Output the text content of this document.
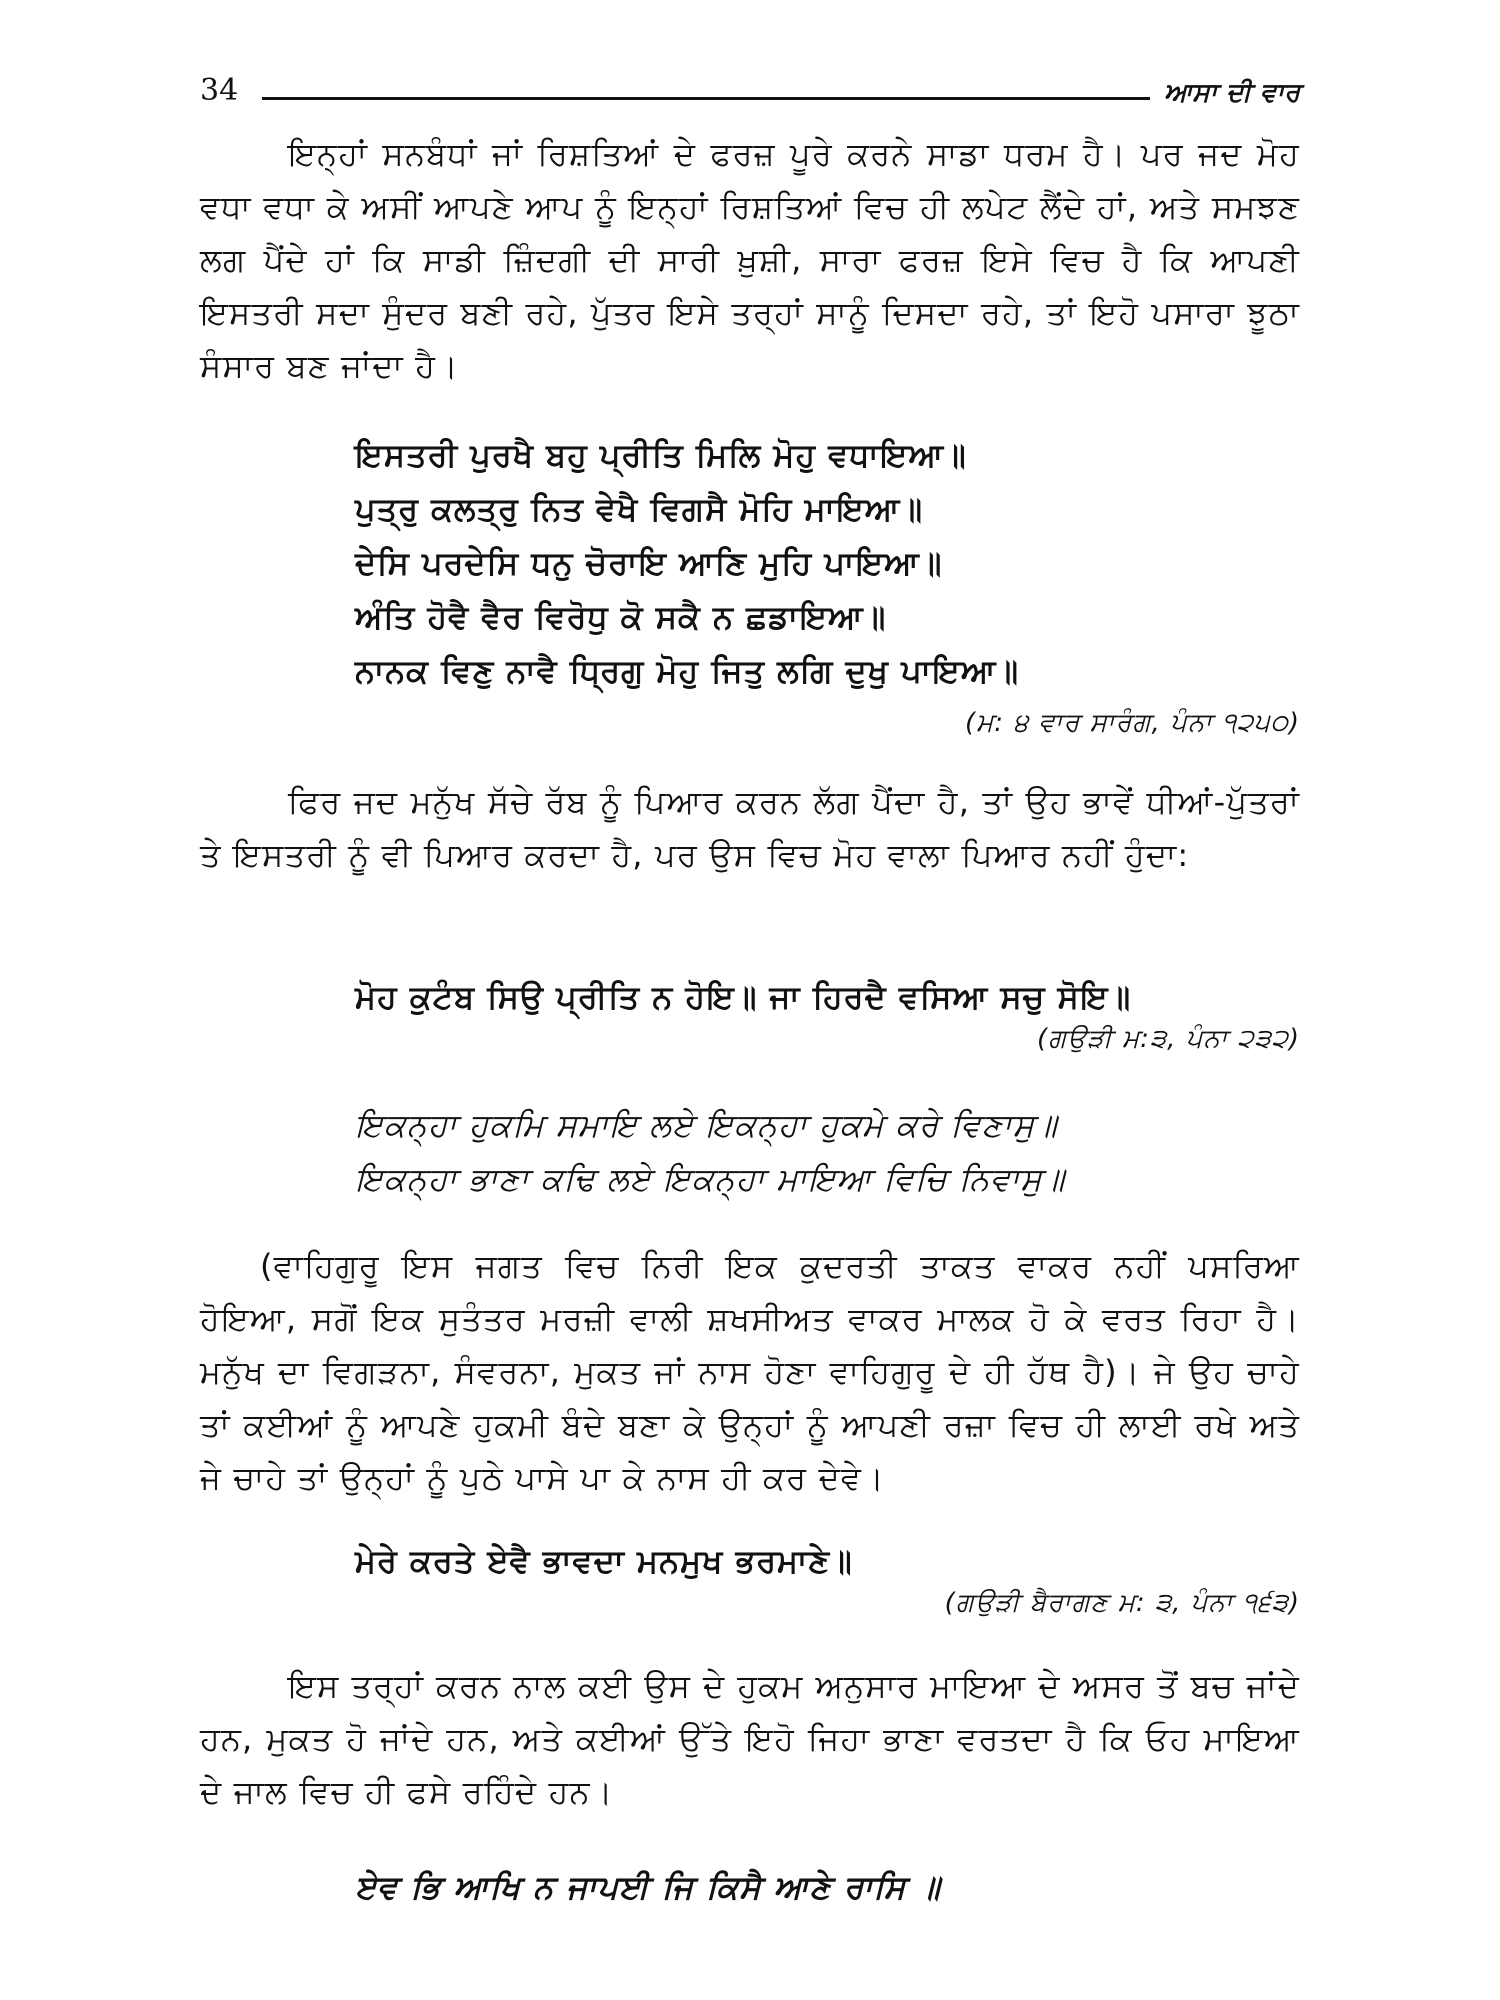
34	ਆਸਾ ਦੀ ਵਾਰ

ਇਨ੍ਹਾਂ ਸਨਬੰਧਾਂ ਜਾਂ ਰਿਸ਼ਤਿਆਂ ਦੇ ਫਰਜ਼ ਪੂਰੇ ਕਰਨੇ ਸਾਡਾ ਧਰਮ ਹੈ। ਪਰ ਜਦ ਮੋਹ ਵਧਾ ਵਧਾ ਕੇ ਅਸੀਂ ਆਪਣੇ ਆਪ ਨੂੰ ਇਨ੍ਹਾਂ ਰਿਸ਼ਤਿਆਂ ਵਿਚ ਹੀ ਲਪੇਟ ਲੈਂਦੇ ਹਾਂ, ਅਤੇ ਸਮਝਣ ਲਗ ਪੈਂਦੇ ਹਾਂ ਕਿ ਸਾਡੀ ਜ਼ਿੰਦਗੀ ਦੀ ਸਾਰੀ ਖ਼ੁਸ਼ੀ, ਸਾਰਾ ਫਰਜ਼ ਇਸੇ ਵਿਚ ਹੈ ਕਿ ਆਪਣੀ ਇਸਤਰੀ ਸਦਾ ਸੁੰਦਰ ਬਣੀ ਰਹੇ, ਪੁੱਤਰ ਇਸੇ ਤਰ੍ਹਾਂ ਸਾਨੂੰ ਦਿਸਦਾ ਰਹੇ, ਤਾਂ ਇਹੋ ਪਸਾਰਾ ਝੂਠਾ ਸੰਸਾਰ ਬਣ ਜਾਂਦਾ ਹੈ।

ਇਸਤਰੀ ਪੁਰਖੈ ਬਹੁ ਪ੍ਰੀਤਿ ਮਿਲਿ ਮੋਹੁ ਵਧਾਇਆ॥
ਪੁਤ੍ਰੁ ਕਲਤ੍ਰੁ ਨਿਤ ਵੇਖੈ ਵਿਗਸੈ ਮੋਹਿ ਮਾਇਆ॥
ਦੇਸਿ ਪਰਦੇਸਿ ਧਨੁ ਚੋਰਾਇ ਆਣਿ ਮੁਹਿ ਪਾਇਆ॥
ਅੰਤਿ ਹੋਵੈ ਵੈਰ ਵਿਰੋਧੁ ਕੋ ਸਕੈ ਨ ਛਡਾਇਆ॥
ਨਾਨਕ ਵਿਣੁ ਨਾਵੈ ਧ੍ਰਿਗੁ ਮੋਹੁ ਜਿਤੁ ਲਗਿ ਦੁਖੁ ਪਾਇਆ॥
(ਮ: ੪ ਵਾਰ ਸਾਰੰਗ, ਪੰਨਾ ੧੨੫੦)

ਫਿਰ ਜਦ ਮਨੁੱਖ ਸੱਚੇ ਰੱਬ ਨੂੰ ਪਿਆਰ ਕਰਨ ਲੱਗ ਪੈਂਦਾ ਹੈ, ਤਾਂ ਉਹ ਭਾਵੇਂ ਧੀਆਂ-ਪੁੱਤਰਾਂ ਤੇ ਇਸਤਰੀ ਨੂੰ ਵੀ ਪਿਆਰ ਕਰਦਾ ਹੈ, ਪਰ ਉਸ ਵਿਚ ਮੋਹ ਵਾਲਾ ਪਿਆਰ ਨਹੀਂ ਹੁੰਦਾ:

ਮੋਹ ਕੁਟੰਬ ਸਿਉ ਪ੍ਰੀਤਿ ਨ ਹੋਇ॥ ਜਾ ਹਿਰਦੈ ਵਸਿਆ ਸਚੁ ਸੋਇ॥
(ਗਉੜੀ ਮ:੩, ਪੰਨਾ ੨੩੨)
ਇਕਨ੍ਹਾ ਹੁਕਮਿ ਸਮਾਇ ਲਏ ਇਕਨ੍ਹਾ ਹੁਕਮੇ ਕਰੇ ਵਿਣਾਸੁ॥
ਇਕਨ੍ਹਾ ਭਾਣਾ ਕਢਿ ਲਏ ਇਕਨ੍ਹਾ ਮਾਇਆ ਵਿਚਿ ਨਿਵਾਸੁ॥

(ਵਾਹਿਗੁਰੂ ਇਸ ਜਗਤ ਵਿਚ ਨਿਰੀ ਇਕ ਕੁਦਰਤੀ ਤਾਕਤ ਵਾਕਰ ਨਹੀਂ ਪਸਰਿਆ ਹੋਇਆ, ਸਗੋਂ ਇਕ ਸੁਤੰਤਰ ਮਰਜ਼ੀ ਵਾਲੀ ਸ਼ਖਸੀਅਤ ਵਾਕਰ ਮਾਲਕ ਹੋ ਕੇ ਵਰਤ ਰਿਹਾ ਹੈ। ਮਨੁੱਖ ਦਾ ਵਿਗੜਨਾ, ਸੰਵਰਨਾ, ਮੁਕਤ ਜਾਂ ਨਾਸ ਹੋਣਾ ਵਾਹਿਗੁਰੂ ਦੇ ਹੀ ਹੱਥ ਹੈ)। ਜੇ ਉਹ ਚਾਹੇ ਤਾਂ ਕਈਆਂ ਨੂੰ ਆਪਣੇ ਹੁਕਮੀ ਬੰਦੇ ਬਣਾ ਕੇ ਉਨ੍ਹਾਂ ਨੂੰ ਆਪਣੀ ਰਜ਼ਾ ਵਿਚ ਹੀ ਲਾਈ ਰਖੇ ਅਤੇ ਜੇ ਚਾਹੇ ਤਾਂ ਉਨ੍ਹਾਂ ਨੂੰ ਪੁਠੇ ਪਾਸੇ ਪਾ ਕੇ ਨਾਸ ਹੀ ਕਰ ਦੇਵੇ।

ਮੇਰੇ ਕਰਤੇ ਏਵੈ ਭਾਵਦਾ ਮਨਮੁਖ ਭਰਮਾਣੇ॥
(ਗਉੜੀ ਬੈਰਾਗਣ ਮ: ੩, ਪੰਨਾ ੧੬੩)

ਇਸ ਤਰ੍ਹਾਂ ਕਰਨ ਨਾਲ ਕਈ ਉਸ ਦੇ ਹੁਕਮ ਅਨੁਸਾਰ ਮਾਇਆ ਦੇ ਅਸਰ ਤੋਂ ਬਚ ਜਾਂਦੇ ਹਨ, ਮੁਕਤ ਹੋ ਜਾਂਦੇ ਹਨ, ਅਤੇ ਕਈਆਂ ਉੱਤੇ ਇਹੋ ਜਿਹਾ ਭਾਣਾ ਵਰਤਦਾ ਹੈ ਕਿ ਓਹ ਮਾਇਆ ਦੇ ਜਾਲ ਵਿਚ ਹੀ ਫਸੇ ਰਹਿੰਦੇ ਹਨ।

ਏਵ ਭਿ ਆਖਿ ਨ ਜਾਪਈ ਜਿ ਕਿਸੈ ਆਣੇ ਰਾਸਿ ॥
